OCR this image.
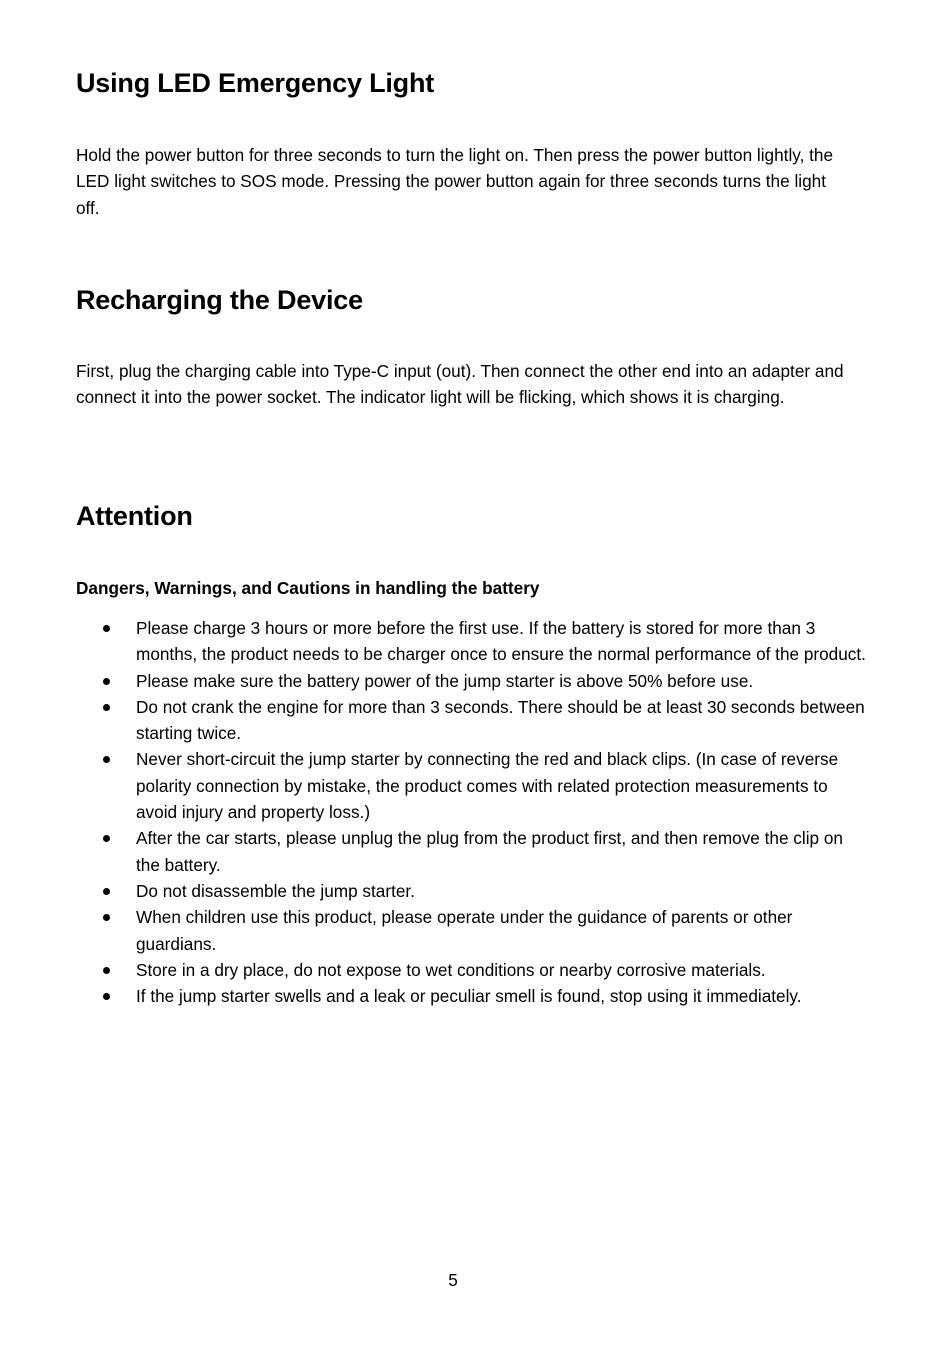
Using LED Emergency Light

Hold the power button for three seconds to turn the light on. Then press the power button lightly, the LED light switches to SOS mode. Pressing the power button again for three seconds turns the light off.

Recharging the Device

First, plug the charging cable into Type-C input (out). Then connect the other end into an adapter and connect it into the power socket. The indicator light will be flicking, which shows it is charging.

Attention

Dangers, Warnings, and Cautions in handling the battery

Please charge 3 hours or more before the first use. If the battery is stored for more than 3 months, the product needs to be charger once to ensure the normal performance of the product.
Please make sure the battery power of the jump starter is above 50% before use.
Do not crank the engine for more than 3 seconds. There should be at least 30 seconds between starting twice.
Never short-circuit the jump starter by connecting the red and black clips. (In case of reverse polarity connection by mistake, the product comes with related protection measurements to avoid injury and property loss.)
After the car starts, please unplug the plug from the product first, and then remove the clip on the battery.
Do not disassemble the jump starter.
When children use this product, please operate under the guidance of parents or other guardians.
Store in a dry place, do not expose to wet conditions or nearby corrosive materials.
If the jump starter swells and a leak or peculiar smell is found, stop using it immediately.
5
